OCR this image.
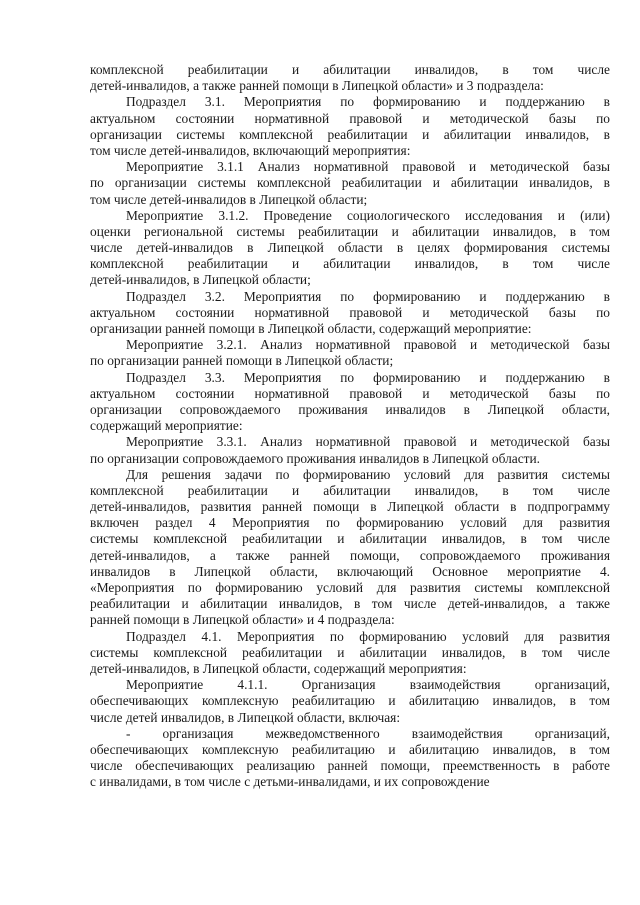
комплексной реабилитации и абилитации инвалидов, в том числе
детей-инвалидов, а также ранней помощи в Липецкой области» и 3 подраздела:
Подраздел 3.1. Мероприятия по формированию и поддержанию в
актуальном состоянии нормативной правовой и методической базы по
организации системы комплексной реабилитации и абилитации инвалидов, в
том числе детей-инвалидов, включающий мероприятия:
Мероприятие 3.1.1 Анализ нормативной правовой и методической базы
по организации системы комплексной реабилитации и абилитации инвалидов, в
том числе детей-инвалидов в Липецкой области;
Мероприятие 3.1.2. Проведение социологического исследования и (или)
оценки региональной системы реабилитации и абилитации инвалидов, в том
числе детей-инвалидов в Липецкой области в целях формирования системы
комплексной реабилитации и абилитации инвалидов, в том числе
детей-инвалидов, в Липецкой области;
Подраздел 3.2. Мероприятия по формированию и поддержанию в
актуальном состоянии нормативной правовой и методической базы по
организации ранней помощи в Липецкой области, содержащий мероприятие:
Мероприятие 3.2.1. Анализ нормативной правовой и методической базы
по организации ранней помощи в Липецкой области;
Подраздел 3.3. Мероприятия по формированию и поддержанию в
актуальном состоянии нормативной правовой и методической базы по
организации сопровождаемого проживания инвалидов в Липецкой области,
содержащий мероприятие:
Мероприятие 3.3.1. Анализ нормативной правовой и методической базы
по организации сопровождаемого проживания инвалидов в Липецкой области.
Для решения задачи по формированию условий для развития системы
комплексной реабилитации и абилитации инвалидов, в том числе
детей-инвалидов, развития ранней помощи в Липецкой области в подпрограмму
включен раздел 4 Мероприятия по формированию условий для развития
системы комплексной реабилитации и абилитации инвалидов, в том числе
детей-инвалидов, а также ранней помощи, сопровождаемого проживания
инвалидов в Липецкой области, включающий Основное мероприятие 4.
«Мероприятия по формированию условий для развития системы комплексной
реабилитации и абилитации инвалидов, в том числе детей-инвалидов, а также
ранней помощи в Липецкой области» и 4 подраздела:
Подраздел 4.1. Мероприятия по формированию условий для развития
системы комплексной реабилитации и абилитации инвалидов, в том числе
детей-инвалидов, в Липецкой области, содержащий мероприятия:
Мероприятие 4.1.1. Организация взаимодействия организаций,
обеспечивающих комплексную реабилитацию и абилитацию инвалидов, в том
числе детей инвалидов, в Липецкой области, включая:
- организация межведомственного взаимодействия организаций,
обеспечивающих комплексную реабилитацию и абилитацию инвалидов, в том
числе обеспечивающих реализацию ранней помощи, преемственность в работе
с инвалидами, в том числе с детьми-инвалидами, и их сопровождение
